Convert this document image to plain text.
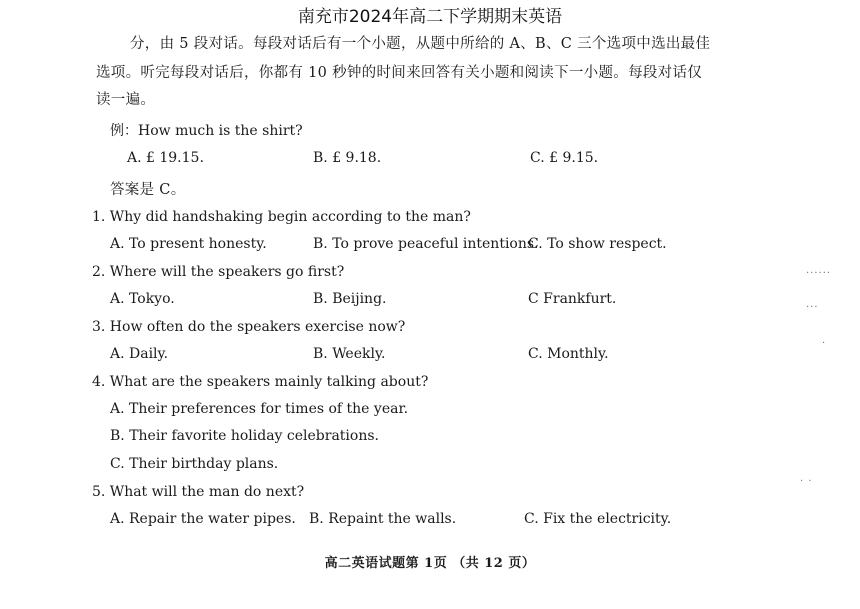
南充市2024年高二下学期期末英语
分，由 5 段对话。每段对话后有一个小题，从题中所给的 A、B、C 三个选项中选出最佳
选项。听完每段对话后，你都有 10 秒钟的时间来回答有关小题和阅读下一小题。每段对话仅
读一遍。
例：How much is the shirt?
A. £ 19.15.	B. £ 9.18.	C. £ 9.15.
答案是 C。
1. Why did handshaking begin according to the man?
A. To present honesty.	B. To prove peaceful intentions.
C. To show respect.
2. Where will the speakers go first?
A. Tokyo.	B. Beijing.	C Frankfurt.
3. How often do the speakers exercise now?
A. Daily.	B. Weekly.	C. Monthly.
4. What are the speakers mainly talking about?
A. Their preferences for times of the year.
B. Their favorite holiday celebrations.
C. Their birthday plans.
5. What will the man do next?
A. Repair the water pipes. B. Repaint the walls.	C. Fix the electricity.
高二英语试题第 1页 （共 12 页）
······
···
·
· ·
